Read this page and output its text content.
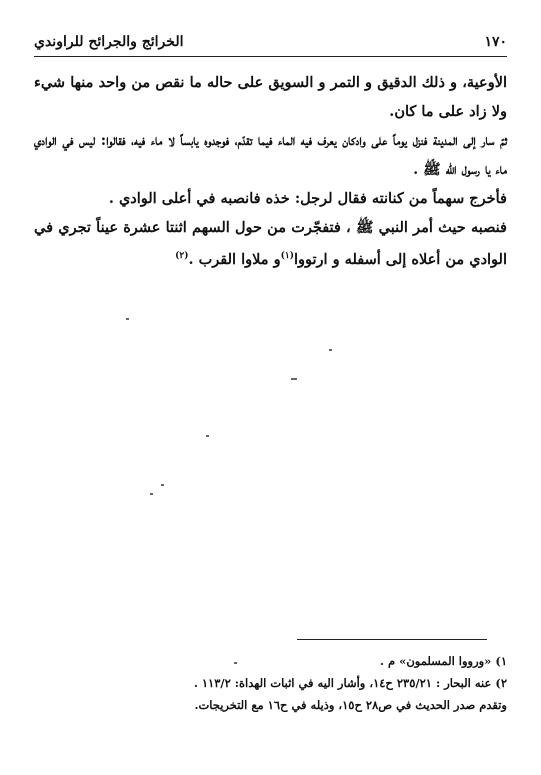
١٧٠
الخرائج والجرائح للراوندي

الأوعية، و ذلك الدقيق و التمر و السويق على حاله ما نقص من واحد منها شيء ولا زاد على ما كان.

ثمّ سار إلى المدينة فنزل يوماً على وادكان يعرف فيه الماء فيما تقدّم، فوجدوه يابساً لا ماء فيه، فقالوا: ليس في الوادي ماء يا رسول الله ﷺ .

فأخرج سهماً من كنانته فقال لرجل: خذه فانصبه في أعلى الوادي .

فنصبه حيث أمر النبي ﷺ ، فتفجّرت من حول السهم اثنتا عشرة عيناً تجري في الوادي من أعلاه إلى أسفله و ارتووا$^{(١)}$و ملاوا القرب .$^{(٢)}$

١) «ورووا المسلمون» م .

٢) عنه البحار : ٢٣٥/٢١ ح١٤، وأشار اليه في اثبات الهداة: ١١٣/٢ .

وتقدم صدر الحديث في ص٢٨ ح١٥، وذيله في ح١٦ مع التخريجات.
